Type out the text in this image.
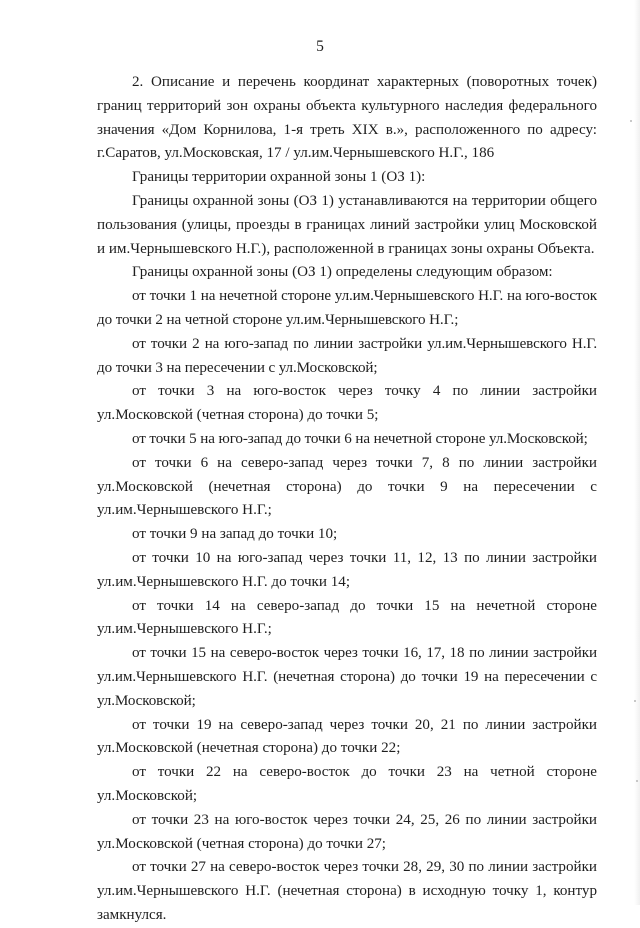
5

2. Описание и перечень координат характерных (поворотных точек) границ территорий зон охраны объекта культурного наследия федерального значения «Дом Корнилова, 1-я треть XIX в.», расположенного по адресу: г.Саратов, ул.Московская, 17 / ул.им.Чернышевского Н.Г., 186

Границы территории охранной зоны 1 (ОЗ 1):

Границы охранной зоны (ОЗ 1) устанавливаются на территории общего пользования (улицы, проезды в границах линий застройки улиц Московской и им.Чернышевского Н.Г.), расположенной в границах зоны охраны Объекта.

Границы охранной зоны (ОЗ 1) определены следующим образом:

от точки 1 на нечетной стороне ул.им.Чернышевского Н.Г. на юго-восток до точки 2 на четной стороне ул.им.Чернышевского Н.Г.;

от точки 2 на юго-запад по линии застройки ул.им.Чернышевского Н.Г. до точки 3 на пересечении с ул.Московской;

от точки 3 на юго-восток через точку 4 по линии застройки ул.Московской (четная сторона) до точки 5;

от точки 5 на юго-запад до точки 6 на нечетной стороне ул.Московской;

от точки 6 на северо-запад через точки 7, 8 по линии застройки ул.Московской (нечетная сторона) до точки 9 на пересечении с ул.им.Чернышевского Н.Г.;

от точки 9 на запад до точки 10;

от точки 10 на юго-запад через точки 11, 12, 13 по линии застройки ул.им.Чернышевского Н.Г. до точки 14;

от точки 14 на северо-запад до точки 15 на нечетной стороне ул.им.Чернышевского Н.Г.;

от точки 15 на северо-восток через точки 16, 17, 18 по линии застройки ул.им.Чернышевского Н.Г. (нечетная сторона) до точки 19 на пересечении с ул.Московской;

от точки 19 на северо-запад через точки 20, 21 по линии застройки ул.Московской (нечетная сторона) до точки 22;

от точки 22 на северо-восток до точки 23 на четной стороне ул.Московской;

от точки 23 на юго-восток через точки 24, 25, 26 по линии застройки ул.Московской (четная сторона) до точки 27;

от точки 27 на северо-восток через точки 28, 29, 30 по линии застройки ул.им.Чернышевского Н.Г. (нечетная сторона) в исходную точку 1, контур замкнулся.
